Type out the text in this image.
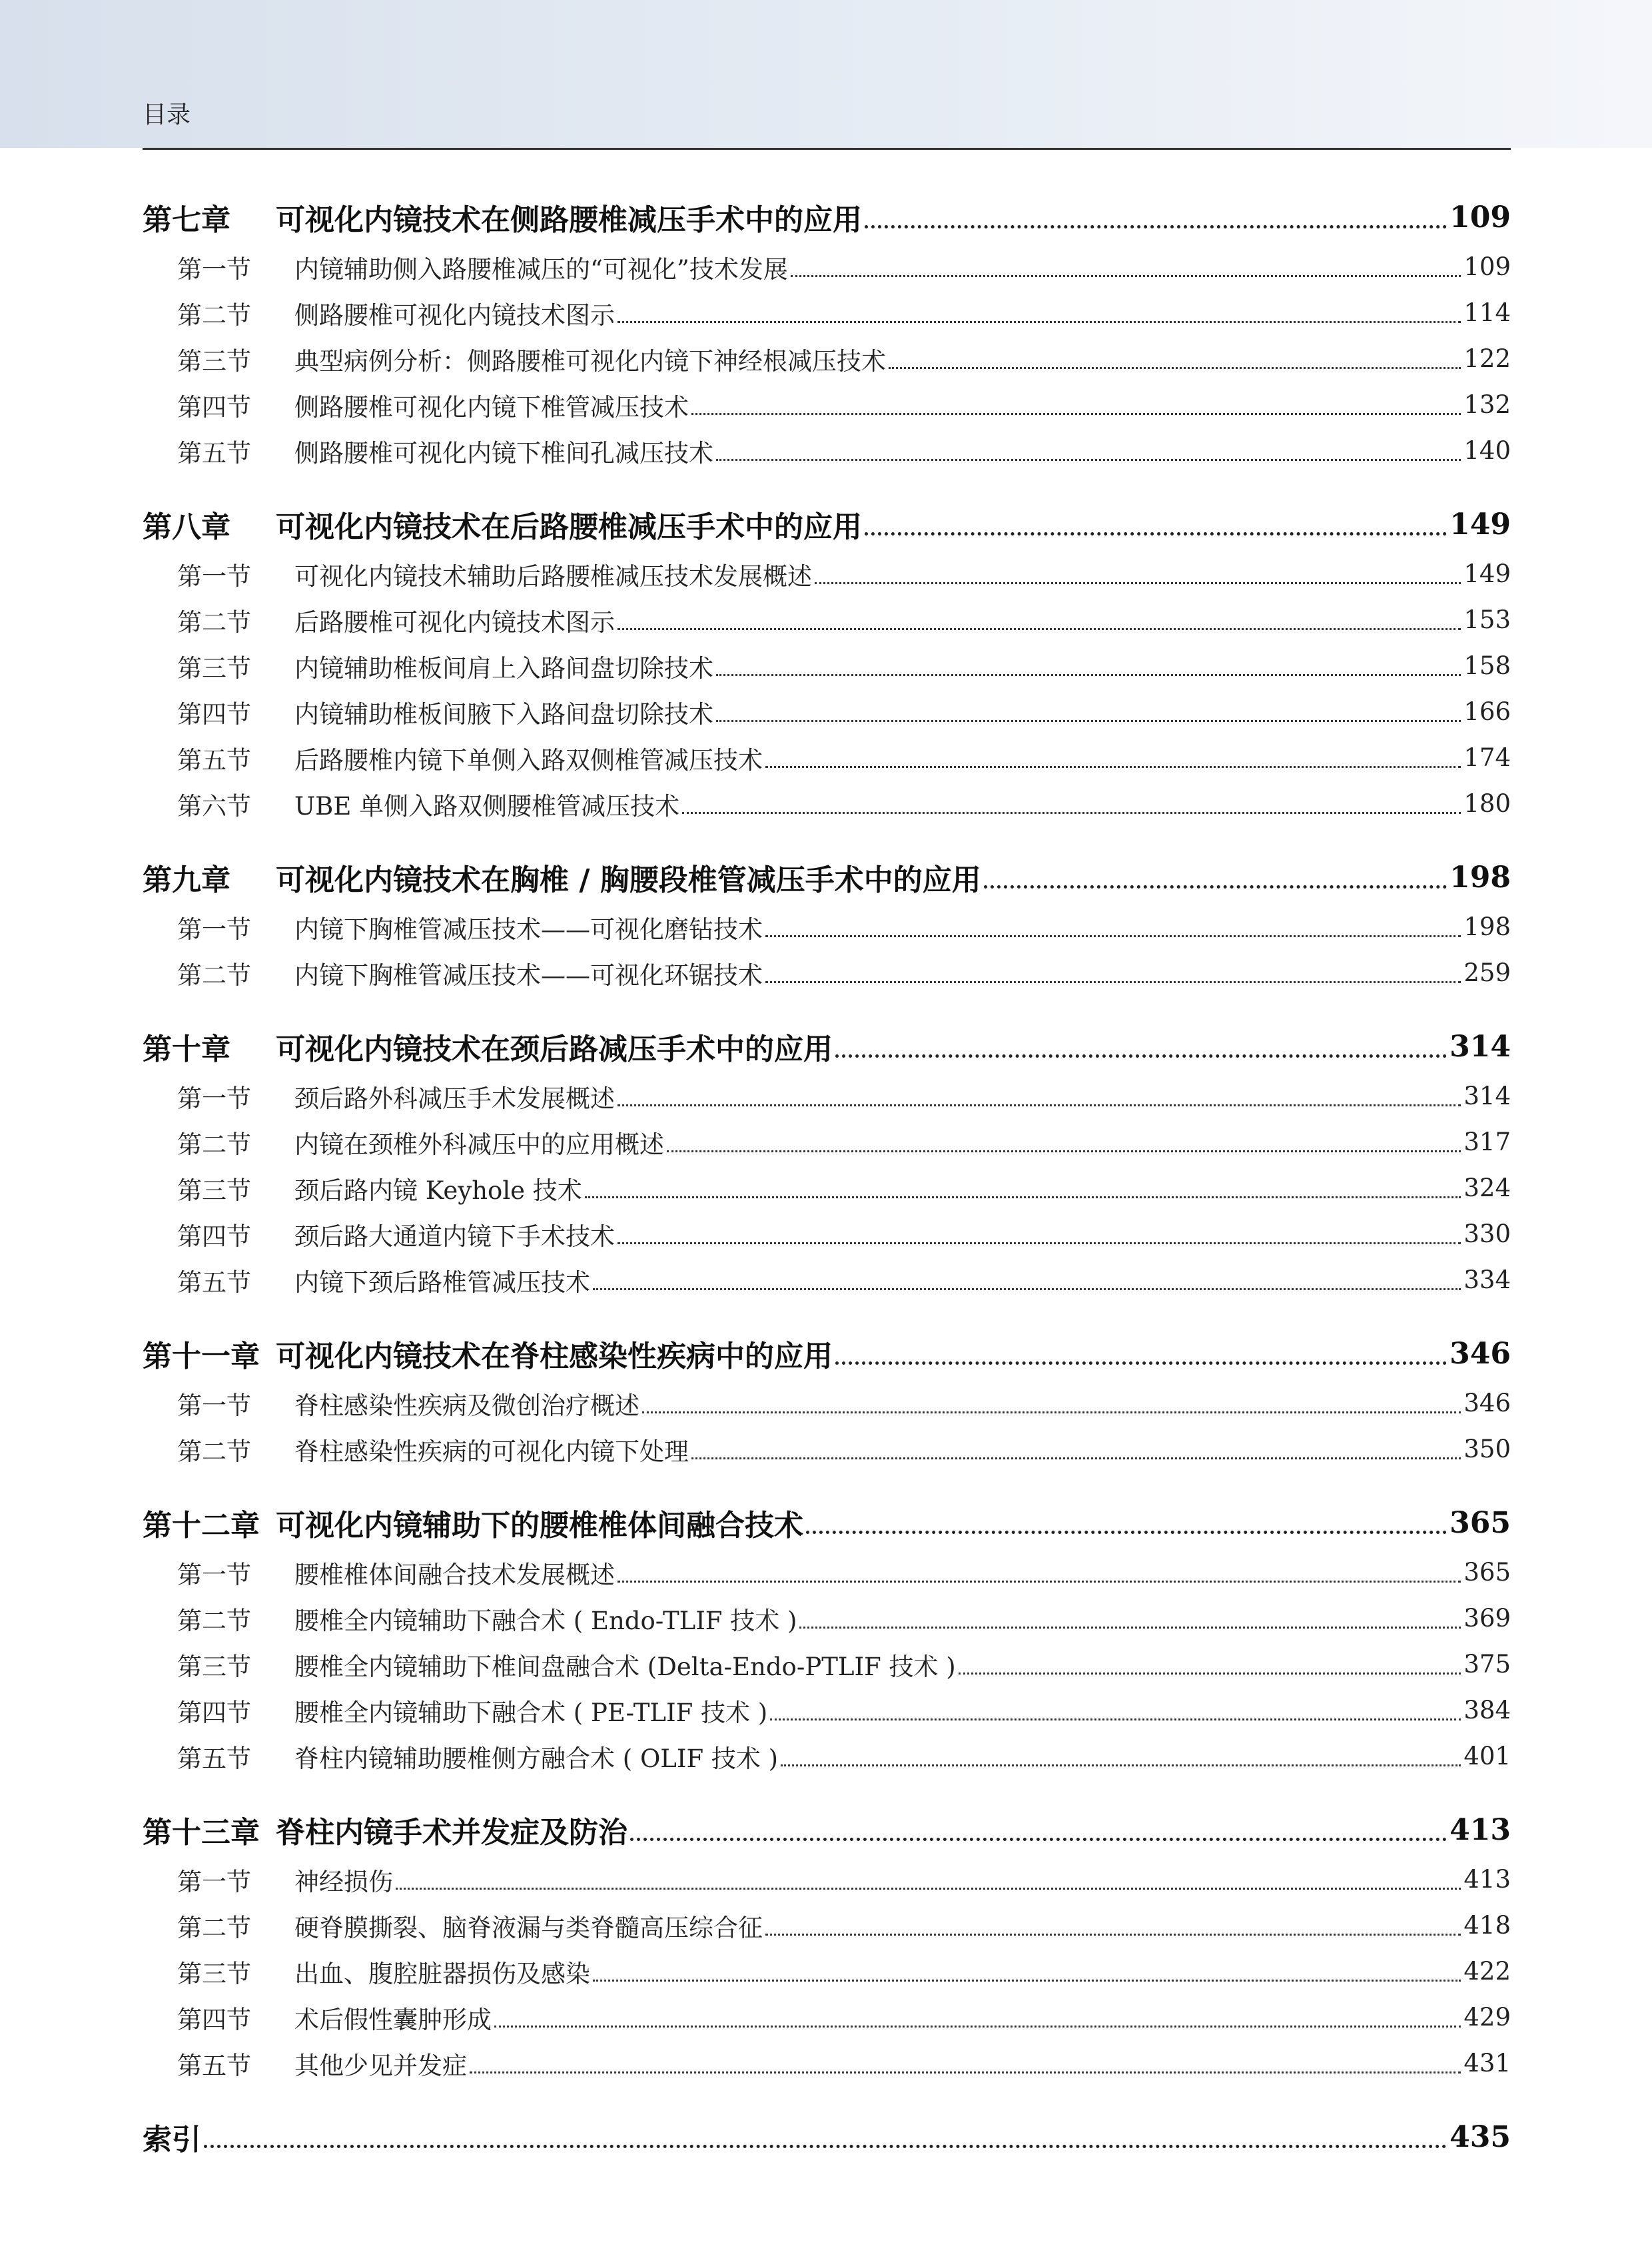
目录
第七章	可视化内镜技术在侧路腰椎减压手术中的应用	109
第一节	内镜辅助侧入路腰椎减压的“可视化”技术发展	109
第二节	侧路腰椎可视化内镜技术图示	114
第三节	典型病例分析：侧路腰椎可视化内镜下神经根减压技术	122
第四节	侧路腰椎可视化内镜下椎管减压技术	132
第五节	侧路腰椎可视化内镜下椎间孔减压技术	140
第八章	可视化内镜技术在后路腰椎减压手术中的应用	149
第一节	可视化内镜技术辅助后路腰椎减压技术发展概述	149
第二节	后路腰椎可视化内镜技术图示	153
第三节	内镜辅助椎板间肩上入路间盘切除技术	158
第四节	内镜辅助椎板间腋下入路间盘切除技术	166
第五节	后路腰椎内镜下单侧入路双侧椎管减压技术	174
第六节	UBE 单侧入路双侧腰椎管减压技术	180
第九章	可视化内镜技术在胸椎 / 胸腰段椎管减压手术中的应用	198
第一节	内镜下胸椎管减压技术——可视化磨钻技术	198
第二节	内镜下胸椎管减压技术——可视化环锯技术	259
第十章	可视化内镜技术在颈后路减压手术中的应用	314
第一节	颈后路外科减压手术发展概述	314
第二节	内镜在颈椎外科减压中的应用概述	317
第三节	颈后路内镜 Keyhole 技术	324
第四节	颈后路大通道内镜下手术技术	330
第五节	内镜下颈后路椎管减压技术	334
第十一章 可视化内镜技术在脊柱感染性疾病中的应用	346
第一节	脊柱感染性疾病及微创治疗概述	346
第二节	脊柱感染性疾病的可视化内镜下处理	350
第十二章 可视化内镜辅助下的腰椎椎体间融合技术	365
第一节	腰椎椎体间融合技术发展概述	365
第二节	腰椎全内镜辅助下融合术 ( Endo-TLIF 技术 )	369
第三节	腰椎全内镜辅助下椎间盘融合术 (Delta-Endo-PTLIF 技术 )	375
第四节	腰椎全内镜辅助下融合术 ( PE-TLIF 技术 )	384
第五节	脊柱内镜辅助腰椎侧方融合术 ( OLIF 技术 )	401
第十三章 脊柱内镜手术并发症及防治	413
第一节	神经损伤	413
第二节	硬脊膜撕裂、脑脊液漏与类脊髓高压综合征	418
第三节	出血、腹腔脏器损伤及感染	422
第四节	术后假性囊肿形成	429
第五节	其他少见并发症	431
索引	435
